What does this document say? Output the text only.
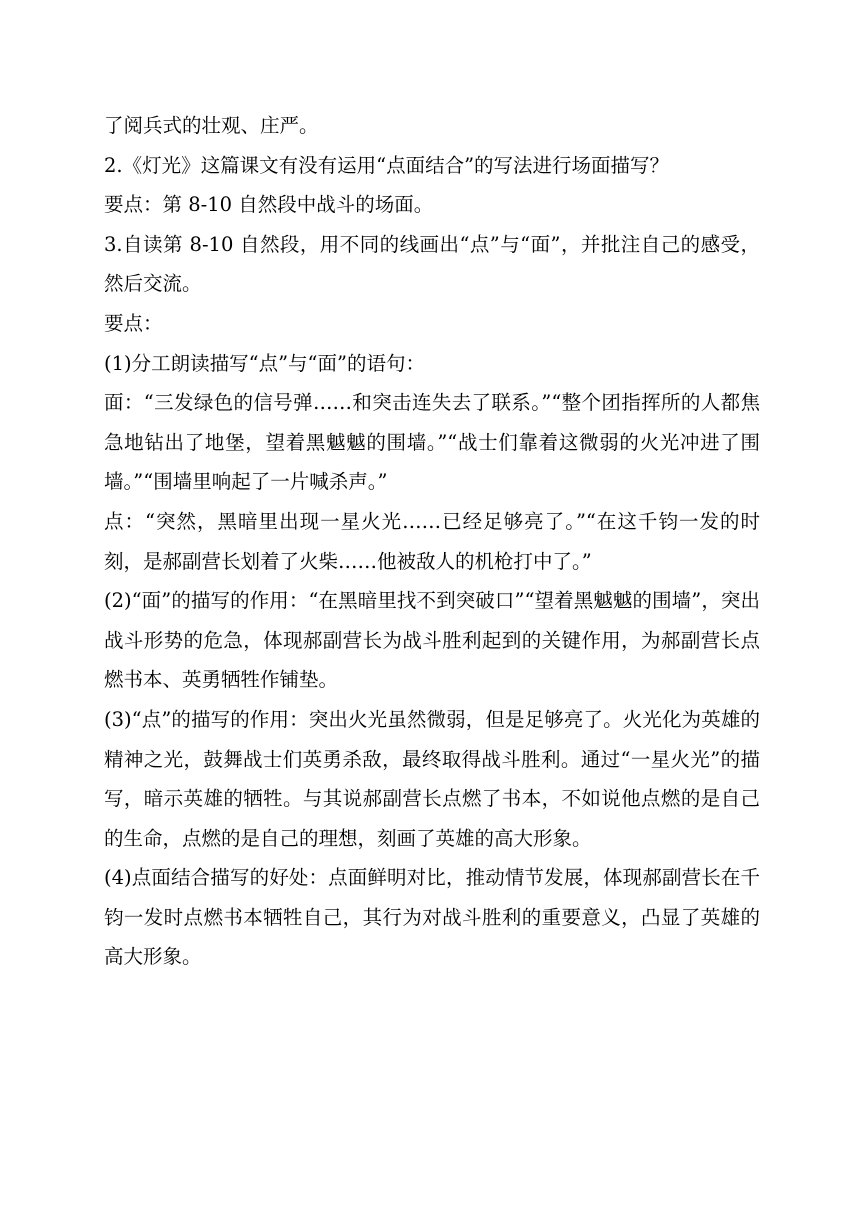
了阅兵式的壮观、庄严。

2.《灯光》这篇课文有没有运用“点面结合”的写法进行场面描写？

要点：第 8-10 自然段中战斗的场面。

3.自读第 8-10 自然段，用不同的线画出“点”与“面”，并批注自己的感受，然后交流。

要点：

(1)分工朗读描写“点”与“面”的语句：

面：“三发绿色的信号弹……和突击连失去了联系。”“整个团指挥所的人都焦急地钻出了地堡，望着黑魆魆的围墙。”“战士们靠着这微弱的火光冲进了围墙。”“围墙里响起了一片喊杀声。”

点：“突然，黑暗里出现一星火光……已经足够亮了。”“在这千钧一发的时刻，是郝副营长划着了火柴……他被敌人的机枪打中了。”

(2)“面”的描写的作用：“在黑暗里找不到突破口”“望着黑魆魆的围墙”，突出战斗形势的危急，体现郝副营长为战斗胜利起到的关键作用，为郝副营长点燃书本、英勇牺牲作铺垫。

(3)“点”的描写的作用：突出火光虽然微弱，但是足够亮了。火光化为英雄的精神之光，鼓舞战士们英勇杀敌，最终取得战斗胜利。通过“一星火光”的描写，暗示英雄的牺牲。与其说郝副营长点燃了书本，不如说他点燃的是自己的生命，点燃的是自己的理想，刻画了英雄的高大形象。

(4)点面结合描写的好处：点面鲜明对比，推动情节发展，体现郝副营长在千钧一发时点燃书本牺牲自己，其行为对战斗胜利的重要意义，凸显了英雄的高大形象。
